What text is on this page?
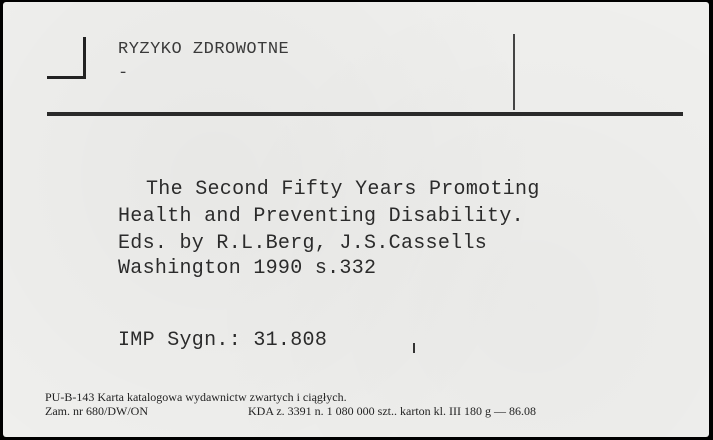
RYZYKO ZDROWOTNE
-
The Second Fifty Years Promoting
Health and Preventing Disability.
Eds. by R.L.Berg, J.S.Cassells
Washington 1990 s.332
IMP Sygn.: 31.808
PU-B-143 Karta katalogowa wydawnictw zwartych i ciągłych.
Zam. nr 680/DW/ON	KDA z. 3391 n. 1 080 000 szt.. karton kl. III 180 g — 86.08
